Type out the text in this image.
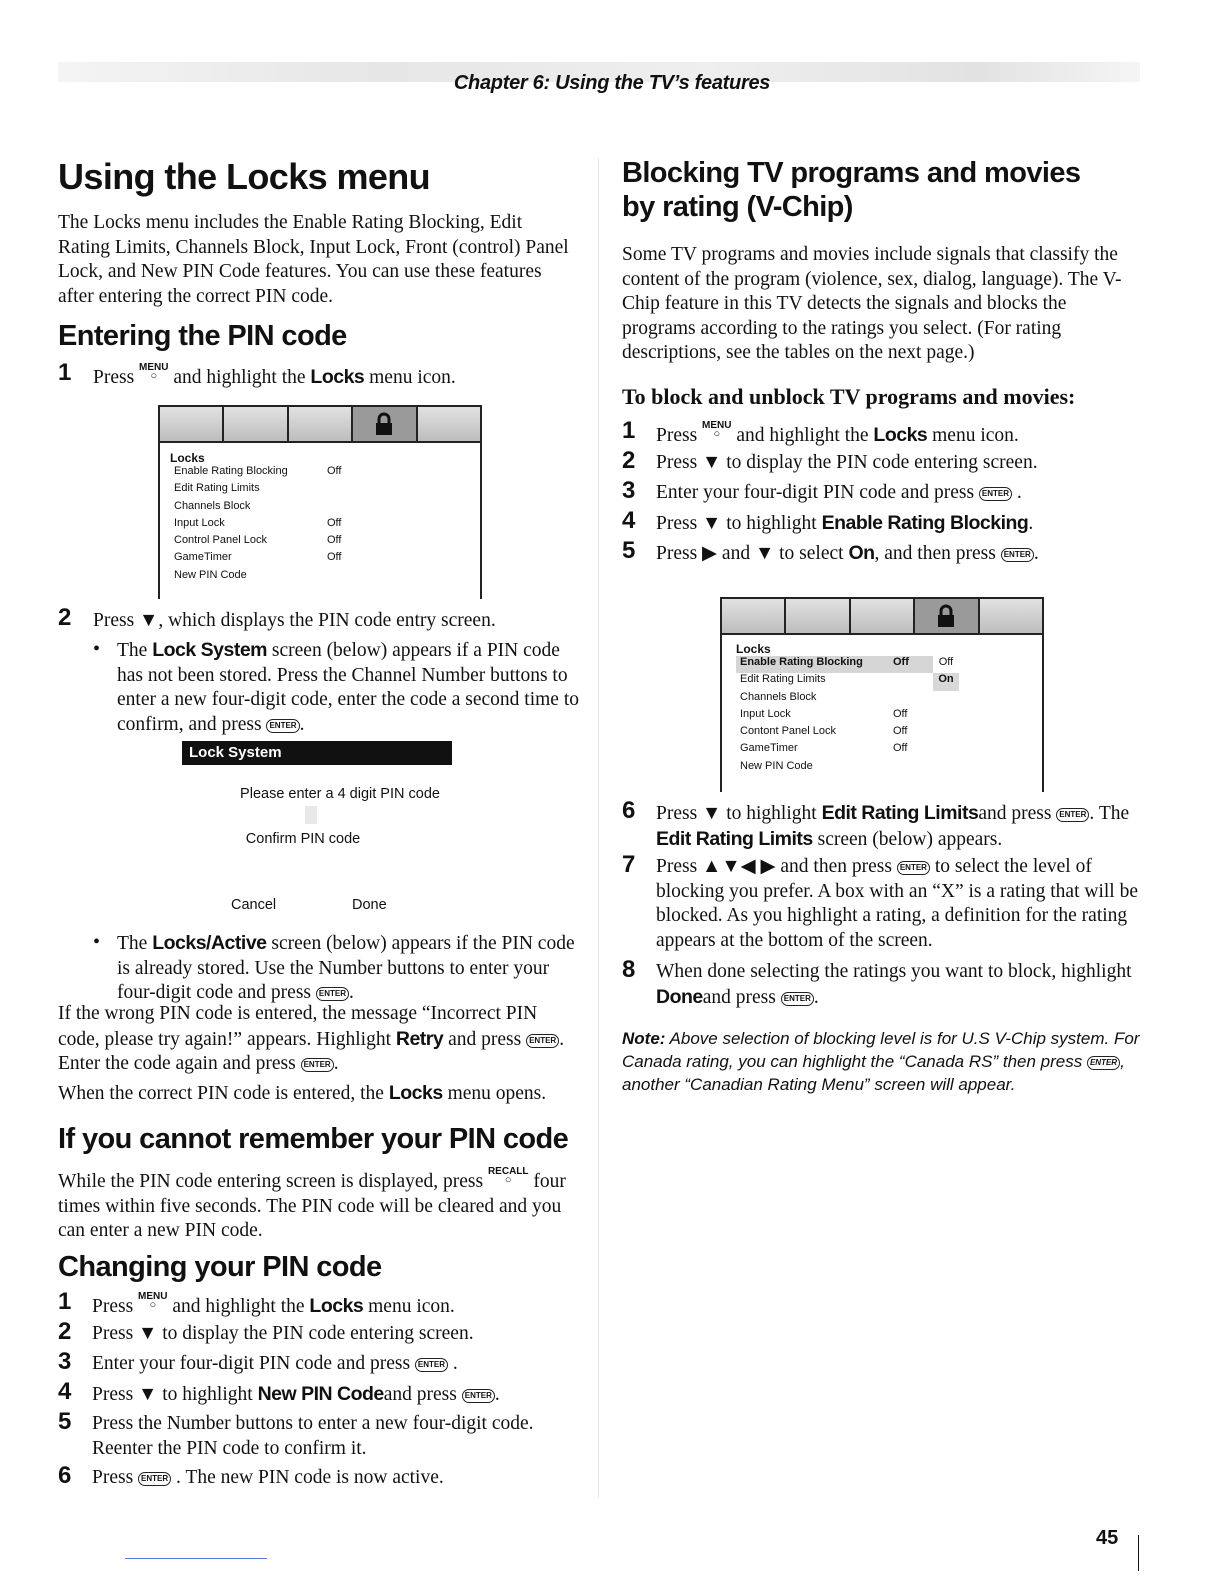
Chapter 6: Using the TV’s features
Using the Locks menu

The Locks menu includes the Enable Rating Blocking, Edit Rating Limits, Channels Block, Input Lock, Front (control) Panel Lock, and New PIN Code features. You can use these features after entering the correct PIN code.

Entering the PIN code
1	Press MENU
○ and highlight the Locks menu icon.
Locks
Enable Rating Blocking	Off
Edit Rating Limits
Channels Block
Input Lock	Off
Control Panel Lock	Off
GameTimer	Off
New PIN Code
2	Press ▼, which displays the PIN code entry screen.
• The Lock System screen (below) appears if a PIN code has not been stored. Press the Channel Number buttons to enter a new four-digit code, enter the code a second time to confirm, and press ENTER .
Lock System
Please enter a 4 digit PIN code
Confirm PIN code
Cancel	Done
• The Locks/Active screen (below) appears if the PIN code is already stored. Use the Number buttons to enter your four-digit code and press ENTER .
If the wrong PIN code is entered, the message “Incorrect PIN code, please try again!” appears. Highlight Retry and press ENTER . Enter the code again and press ENTER .
When the correct PIN code is entered, the Locks menu opens.
If you cannot remember your PIN code
While the PIN code entering screen is displayed, press RECALL
○	four times within five seconds. The PIN code will be cleared and you can enter a new PIN code.
Changing your PIN code
1	Press MENU
○ and highlight the Locks menu icon.
2	Press ▼ to display the PIN code entering screen.
3	Enter your four-digit PIN code and press ENTER .
4	Press ▼ to highlight New PIN Codeand press ENTER .
5	Press the Number buttons to enter a new four-digit code. Reenter the PIN code to confirm it.
6	Press ENTER . The new PIN code is now active.
Blocking TV programs and movies
by rating (V-Chip)

Some TV programs and movies include signals that classify the content of the program (violence, sex, dialog, language). The V-Chip feature in this TV detects the signals and blocks the programs according to the ratings you select. (For rating descriptions, see the tables on the next page.)

To block and unblock TV programs and movies:
1	Press MENU
○ and highlight the Locks menu icon.
2	Press ▼ to display the PIN code entering screen.
3	Enter your four-digit PIN code and press ENTER .
4	Press ▼ to highlight Enable Rating Blocking.
5	Press ▶ and ▼ to select On, and then press ENTER .
Locks
Enable Rating Blocking	Off	Off
Edit Rating Limits	On
Channels Block
Input Lock	Off
Contont Panel Lock	Off
GameTimer	Off
New PIN Code
6	Press ▼ to highlight Edit Rating Limitsand press ENTER . The Edit Rating Limits screen (below) appears.
7	Press ▲▼◀ ▶ and then press ENTER to select the level of blocking you prefer. A box with an “X” is a rating that will be blocked. As you highlight a rating, a definition for the rating appears at the bottom of the screen.
8	When done selecting the ratings you want to block, highlight Doneand press ENTER .
Note: Above selection of blocking level is for U.S V-Chip system. For Canada rating, you can highlight the “Canada RS” then press ENTER , another “Canadian Rating Menu” screen will appear.
45
